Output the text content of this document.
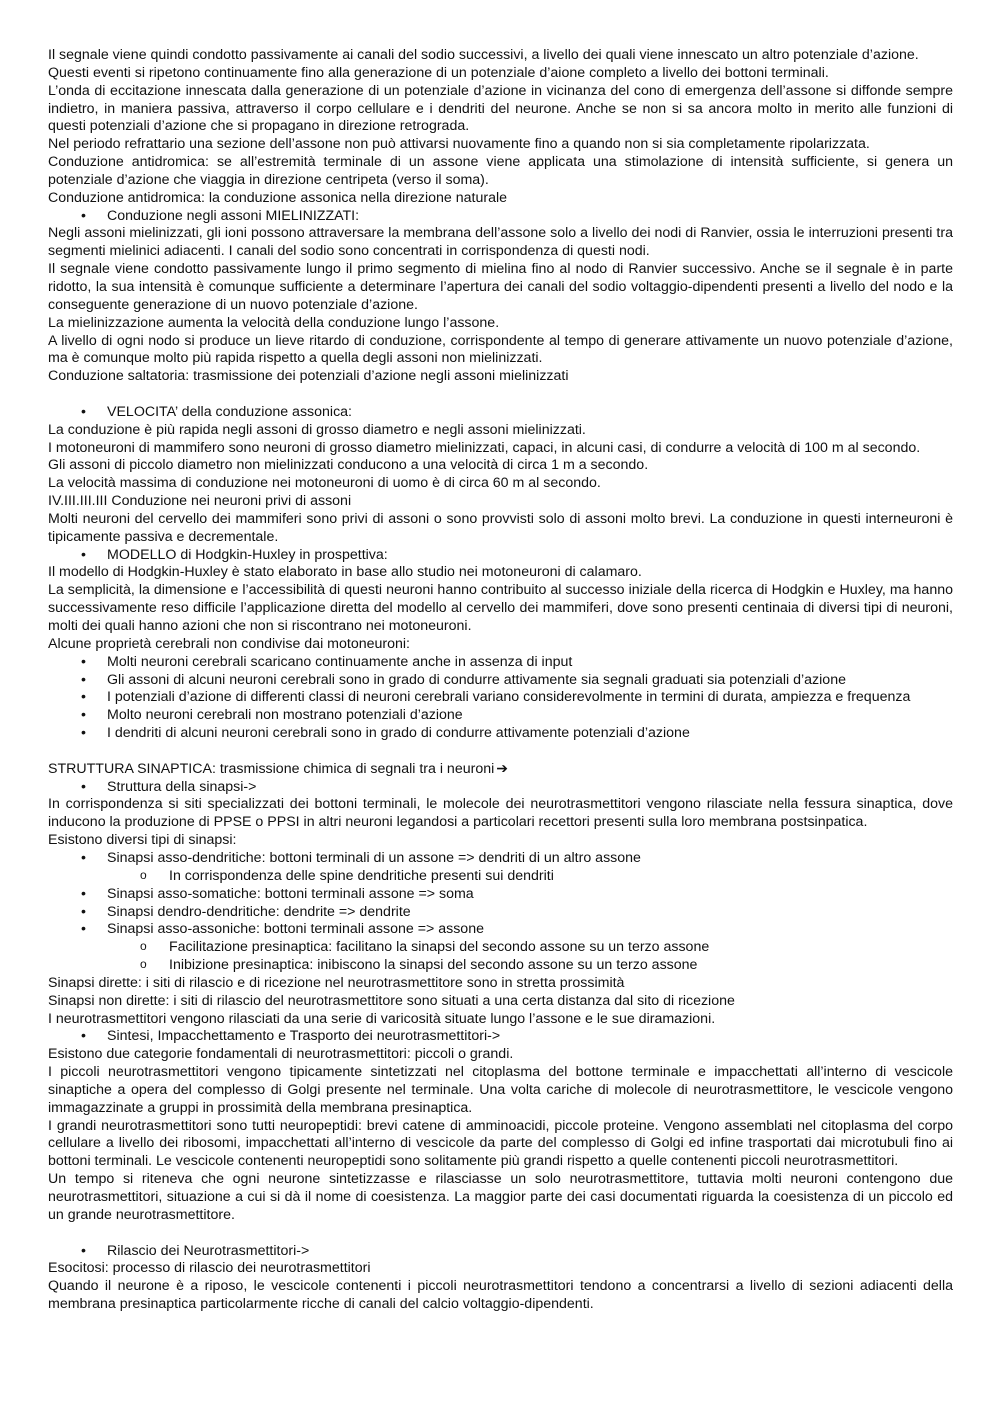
Il segnale viene quindi condotto passivamente ai canali del sodio successivi, a livello dei quali viene innescato un altro potenziale d’azione.
Questi eventi si ripetono continuamente fino alla generazione di un potenziale d’aione completo a livello dei bottoni terminali.
L’onda di eccitazione innescata dalla generazione di un potenziale d’azione in vicinanza del cono di emergenza dell’assone si diffonde sempre indietro, in maniera passiva, attraverso il corpo cellulare e i dendriti del neurone. Anche se non si sa ancora molto in merito alle funzioni di questi potenziali d’azione che si propagano in direzione retrograda.
Nel periodo refrattario una sezione dell’assone non può attivarsi nuovamente fino a quando non si sia completamente ripolarizzata.
Conduzione antidromica: se all’estremità terminale di un assone viene applicata una stimolazione di intensità sufficiente, si genera un potenziale d’azione che viaggia in direzione centripeta (verso il soma).
Conduzione antidromica: la conduzione assonica nella direzione naturale
• Conduzione negli assoni MIELINIZZATI:
Negli assoni mielinizzati, gli ioni possono attraversare la membrana dell’assone solo a livello dei nodi di Ranvier, ossia le interruzioni presenti tra segmenti mielinici adiacenti. I canali del sodio sono concentrati in corrispondenza di questi nodi.
Il segnale viene condotto passivamente lungo il primo segmento di mielina fino al nodo di Ranvier successivo. Anche se il segnale è in parte ridotto, la sua intensità è comunque sufficiente a determinare l’apertura dei canali del sodio voltaggio-dipendenti presenti a livello del nodo e la conseguente generazione di un nuovo potenziale d’azione.
La mielinizzazione aumenta la velocità della conduzione lungo l’assone.
A livello di ogni nodo si produce un lieve ritardo di conduzione, corrispondente al tempo di generare attivamente un nuovo potenziale d’azione, ma è comunque molto più rapida rispetto a quella degli assoni non mielinizzati.
Conduzione saltatoria: trasmissione dei potenziali d’azione negli assoni mielinizzati
• VELOCITA’ della conduzione assonica:
La conduzione è più rapida negli assoni di grosso diametro e negli assoni mielinizzati.
I motoneuroni di mammifero sono neuroni di grosso diametro mielinizzati, capaci, in alcuni casi, di condurre a velocità di 100 m al secondo.
Gli assoni di piccolo diametro non mielinizzati conducono a una velocità di circa 1 m a secondo.
La velocità massima di conduzione nei motoneuroni di uomo è di circa 60 m al secondo.
IV.III.III.III Conduzione nei neuroni privi di assoni
Molti neuroni del cervello dei mammiferi sono privi di assoni o sono provvisti solo di assoni molto brevi. La conduzione in questi interneuroni è tipicamente passiva e decrementale.
• MODELLO di Hodgkin-Huxley in prospettiva:
Il modello di Hodgkin-Huxley è stato elaborato in base allo studio nei motoneuroni di calamaro.
La semplicità, la dimensione e l’accessibilità di questi neuroni hanno contribuito al successo iniziale della ricerca di Hodgkin e Huxley, ma hanno successivamente reso difficile l’applicazione diretta del modello al cervello dei mammiferi, dove sono presenti centinaia di diversi tipi di neuroni, molti dei quali hanno azioni che non si riscontrano nei motoneuroni.
Alcune proprietà cerebrali non condivise dai motoneuroni:
• Molti neuroni cerebrali scaricano continuamente anche in assenza di input
• Gli assoni di alcuni neuroni cerebrali sono in grado di condurre attivamente sia segnali graduati sia potenziali d’azione
• I potenziali d’azione di differenti classi di neuroni cerebrali variano considerevolmente in termini di durata, ampiezza e frequenza
• Molto neuroni cerebrali non mostrano potenziali d’azione
• I dendriti di alcuni neuroni cerebrali sono in grado di condurre attivamente potenziali d’azione
STRUTTURA SINAPTICA: trasmissione chimica di segnali tra i neuroni ➔
• Struttura della sinapsi->
In corrispondenza si siti specializzati dei bottoni terminali, le molecole dei neurotrasmettitori vengono rilasciate nella fessura sinaptica, dove inducono la produzione di PPSE o PPSI in altri neuroni legandosi a particolari recettori presenti sulla loro membrana postsinpatica.
Esistono diversi tipi di sinapsi:
• Sinapsi asso-dendritiche: bottoni terminali di un assone => dendriti di un altro assone
o In corrispondenza delle spine dendritiche presenti sui dendriti
• Sinapsi asso-somatiche: bottoni terminali assone => soma
• Sinapsi dendro-dendritiche: dendrite => dendrite
• Sinapsi asso-assoniche: bottoni terminali assone => assone
o Facilitazione presinaptica: facilitano la sinapsi del secondo assone su un terzo assone
o Inibizione presinaptica: inibiscono la sinapsi del secondo assone su un terzo assone
Sinapsi dirette: i siti di rilascio e di ricezione nel neurotrasmettitore sono in stretta prossimità
Sinapsi non dirette: i siti di rilascio del neurotrasmettitore sono situati a una certa distanza dal sito di ricezione
I neurotrasmettitori vengono rilasciati da una serie di varicosità situate lungo l’assone e le sue diramazioni.
• Sintesi, Impacchettamento e Trasporto dei neurotrasmettitori->
Esistono due categorie fondamentali di neurotrasmettitori: piccoli o grandi.
I piccoli neurotrasmettitori vengono tipicamente sintetizzati nel citoplasma del bottone terminale e impacchettati all’interno di vescicole sinaptiche a opera del complesso di Golgi presente nel terminale. Una volta cariche di molecole di neurotrasmettitore, le vescicole vengono immagazzinate a gruppi in prossimità della membrana presinaptica.
I grandi neurotrasmettitori sono tutti neuropeptidi: brevi catene di amminoacidi, piccole proteine. Vengono assemblati nel citoplasma del corpo cellulare a livello dei ribosomi, impacchettati all’interno di vescicole da parte del complesso di Golgi ed infine trasportati dai microtubuli fino ai bottoni terminali. Le vescicole contenenti neuropeptidi sono solitamente più grandi rispetto a quelle contenenti piccoli neurotrasmettitori.
Un tempo si riteneva che ogni neurone sintetizzasse e rilasciasse un solo neurotrasmettitore, tuttavia molti neuroni contengono due neurotrasmettitori, situazione a cui si dà il nome di coesistenza. La maggior parte dei casi documentati riguarda la coesistenza di un piccolo ed un grande neurotrasmettitore.
• Rilascio dei Neurotrasmettitori->
Esocitosi: processo di rilascio dei neurotrasmettitori
Quando il neurone è a riposo, le vescicole contenenti i piccoli neurotrasmettitori tendono a concentrarsi a livello di sezioni adiacenti della membrana presinaptica particolarmente ricche di canali del calcio voltaggio-dipendenti.
